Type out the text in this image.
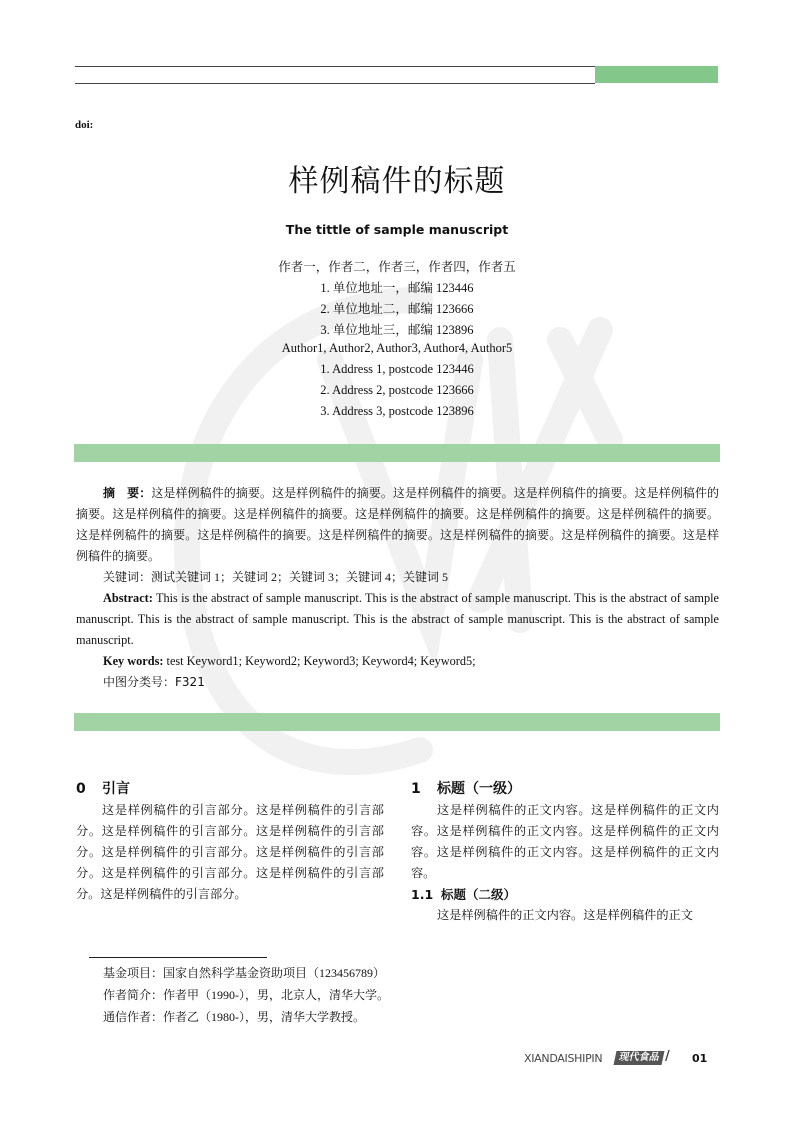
doi:
样例稿件的标题
The tittle of sample manuscript
作者一，作者二，作者三，作者四，作者五
1. 单位地址一，邮编 123446
2. 单位地址二，邮编 123666
3. 单位地址三，邮编 123896
Author1, Author2, Author3, Author4, Author5
1. Address 1, postcode 123446
2. Address 2, postcode 123666
3. Address 3, postcode 123896
摘　要：这是样例稿件的摘要。这是样例稿件的摘要。这是样例稿件的摘要。这是样例稿件的摘要。这是样例稿件的摘要。这是样例稿件的摘要。这是样例稿件的摘要。这是样例稿件的摘要。这是样例稿件的摘要。这是样例稿件的摘要。这是样例稿件的摘要。这是样例稿件的摘要。这是样例稿件的摘要。这是样例稿件的摘要。这是样例稿件的摘要。这是样例稿件的摘要。
关键词：测试关键词 1；关键词 2；关键词 3；关键词 4；关键词 5
Abstract: This is the abstract of sample manuscript. This is the abstract of sample manuscript. This is the abstract of sample manuscript. This is the abstract of sample manuscript. This is the abstract of sample manuscript. This is the abstract of sample manuscript.
Key words: test Keyword1; Keyword2; Keyword3; Keyword4; Keyword5;
中图分类号：F321
0 引言

这是样例稿件的引言部分。这是样例稿件的引言部分。这是样例稿件的引言部分。这是样例稿件的引言部分。这是样例稿件的引言部分。这是样例稿件的引言部分。这是样例稿件的引言部分。这是样例稿件的引言部分。这是样例稿件的引言部分。

1 标题（一级）

这是样例稿件的正文内容。这是样例稿件的正文内容。这是样例稿件的正文内容。这是样例稿件的正文内容。这是样例稿件的正文内容。这是样例稿件的正文内容。

1.1 标题（二级）

这是样例稿件的正文内容。这是样例稿件的正文

基金项目：国家自然科学基金资助项目（123456789）
作者简介：作者甲（1990-），男，北京人，清华大学。
通信作者：作者乙（1980-），男，清华大学教授。
XIANDAISHIPIN	现代食品 / 01
